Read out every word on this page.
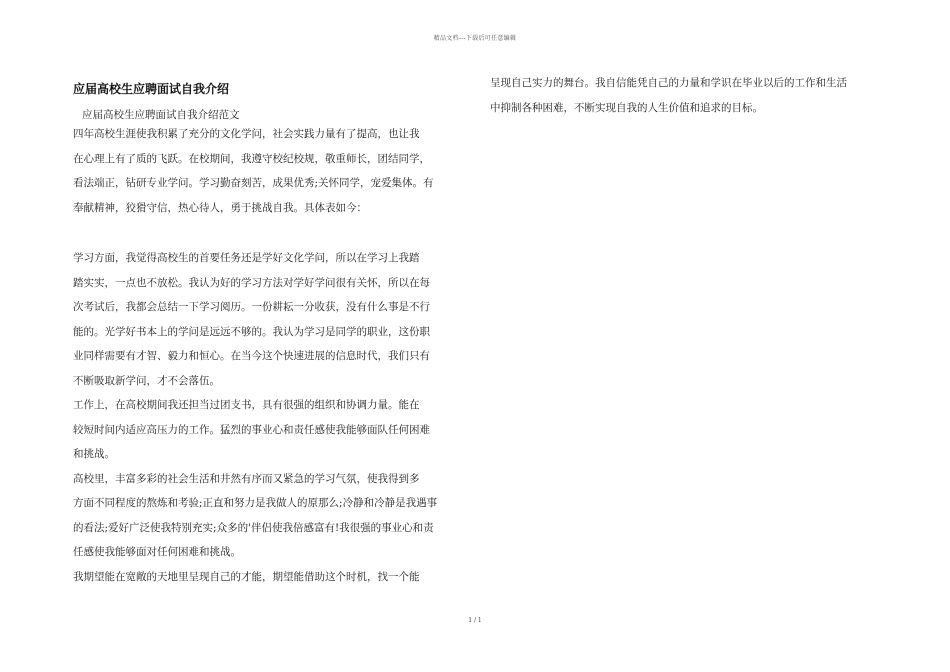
精品文档---下载后可任意编辑
应届高校生应聘面试自我介绍
应届高校生应聘面试自我介绍范文
四年高校生涯使我积累了充分的文化学问，社会实践力量有了提高，也让我
在心理上有了质的飞跃。在校期间，我遵守校纪校规，敬重师长，团结同学，
看法端正，钻研专业学问。学习勤奋刻苦，成果优秀;关怀同学，宠爱集体。有
奉献精神，狡猾守信，热心待人，勇于挑战自我。具体表如今：
学习方面，我觉得高校生的首要任务还是学好文化学问，所以在学习上我踏
踏实实，一点也不放松。我认为好的学习方法对学好学问很有关怀，所以在每
次考试后，我都会总结一下学习阅历。一份耕耘一分收获，没有什么事是不行
能的。光学好书本上的学问是远远不够的。我认为学习是同学的职业，这份职
业同样需要有才智、毅力和恒心。在当今这个快速进展的信息时代，我们只有
不断吸取新学问，才不会落伍。
工作上，在高校期间我还担当过团支书，具有很强的组织和协调力量。能在
较短时间内适应高压力的工作。猛烈的事业心和责任感使我能够面队任何困难
和挑战。
高校里，丰富多彩的社会生活和井然有序而又紧急的学习气氛，使我得到多
方面不同程度的熬炼和考验;正直和努力是我做人的原那么;冷静和冷静是我遇事
的看法;爱好广泛使我特别充实;众多的'伴侣使我倍感富有!我很强的事业心和责
任感使我能够面对任何困难和挑战。
我期望能在宽敞的天地里呈现自己的才能，期望能借助这个时机，找一个能
呈现自己实力的舞台。我自信能凭自己的力量和学识在毕业以后的工作和生活
中抑制各种困难，不断实现自我的人生价值和追求的目标。
1 / 1
